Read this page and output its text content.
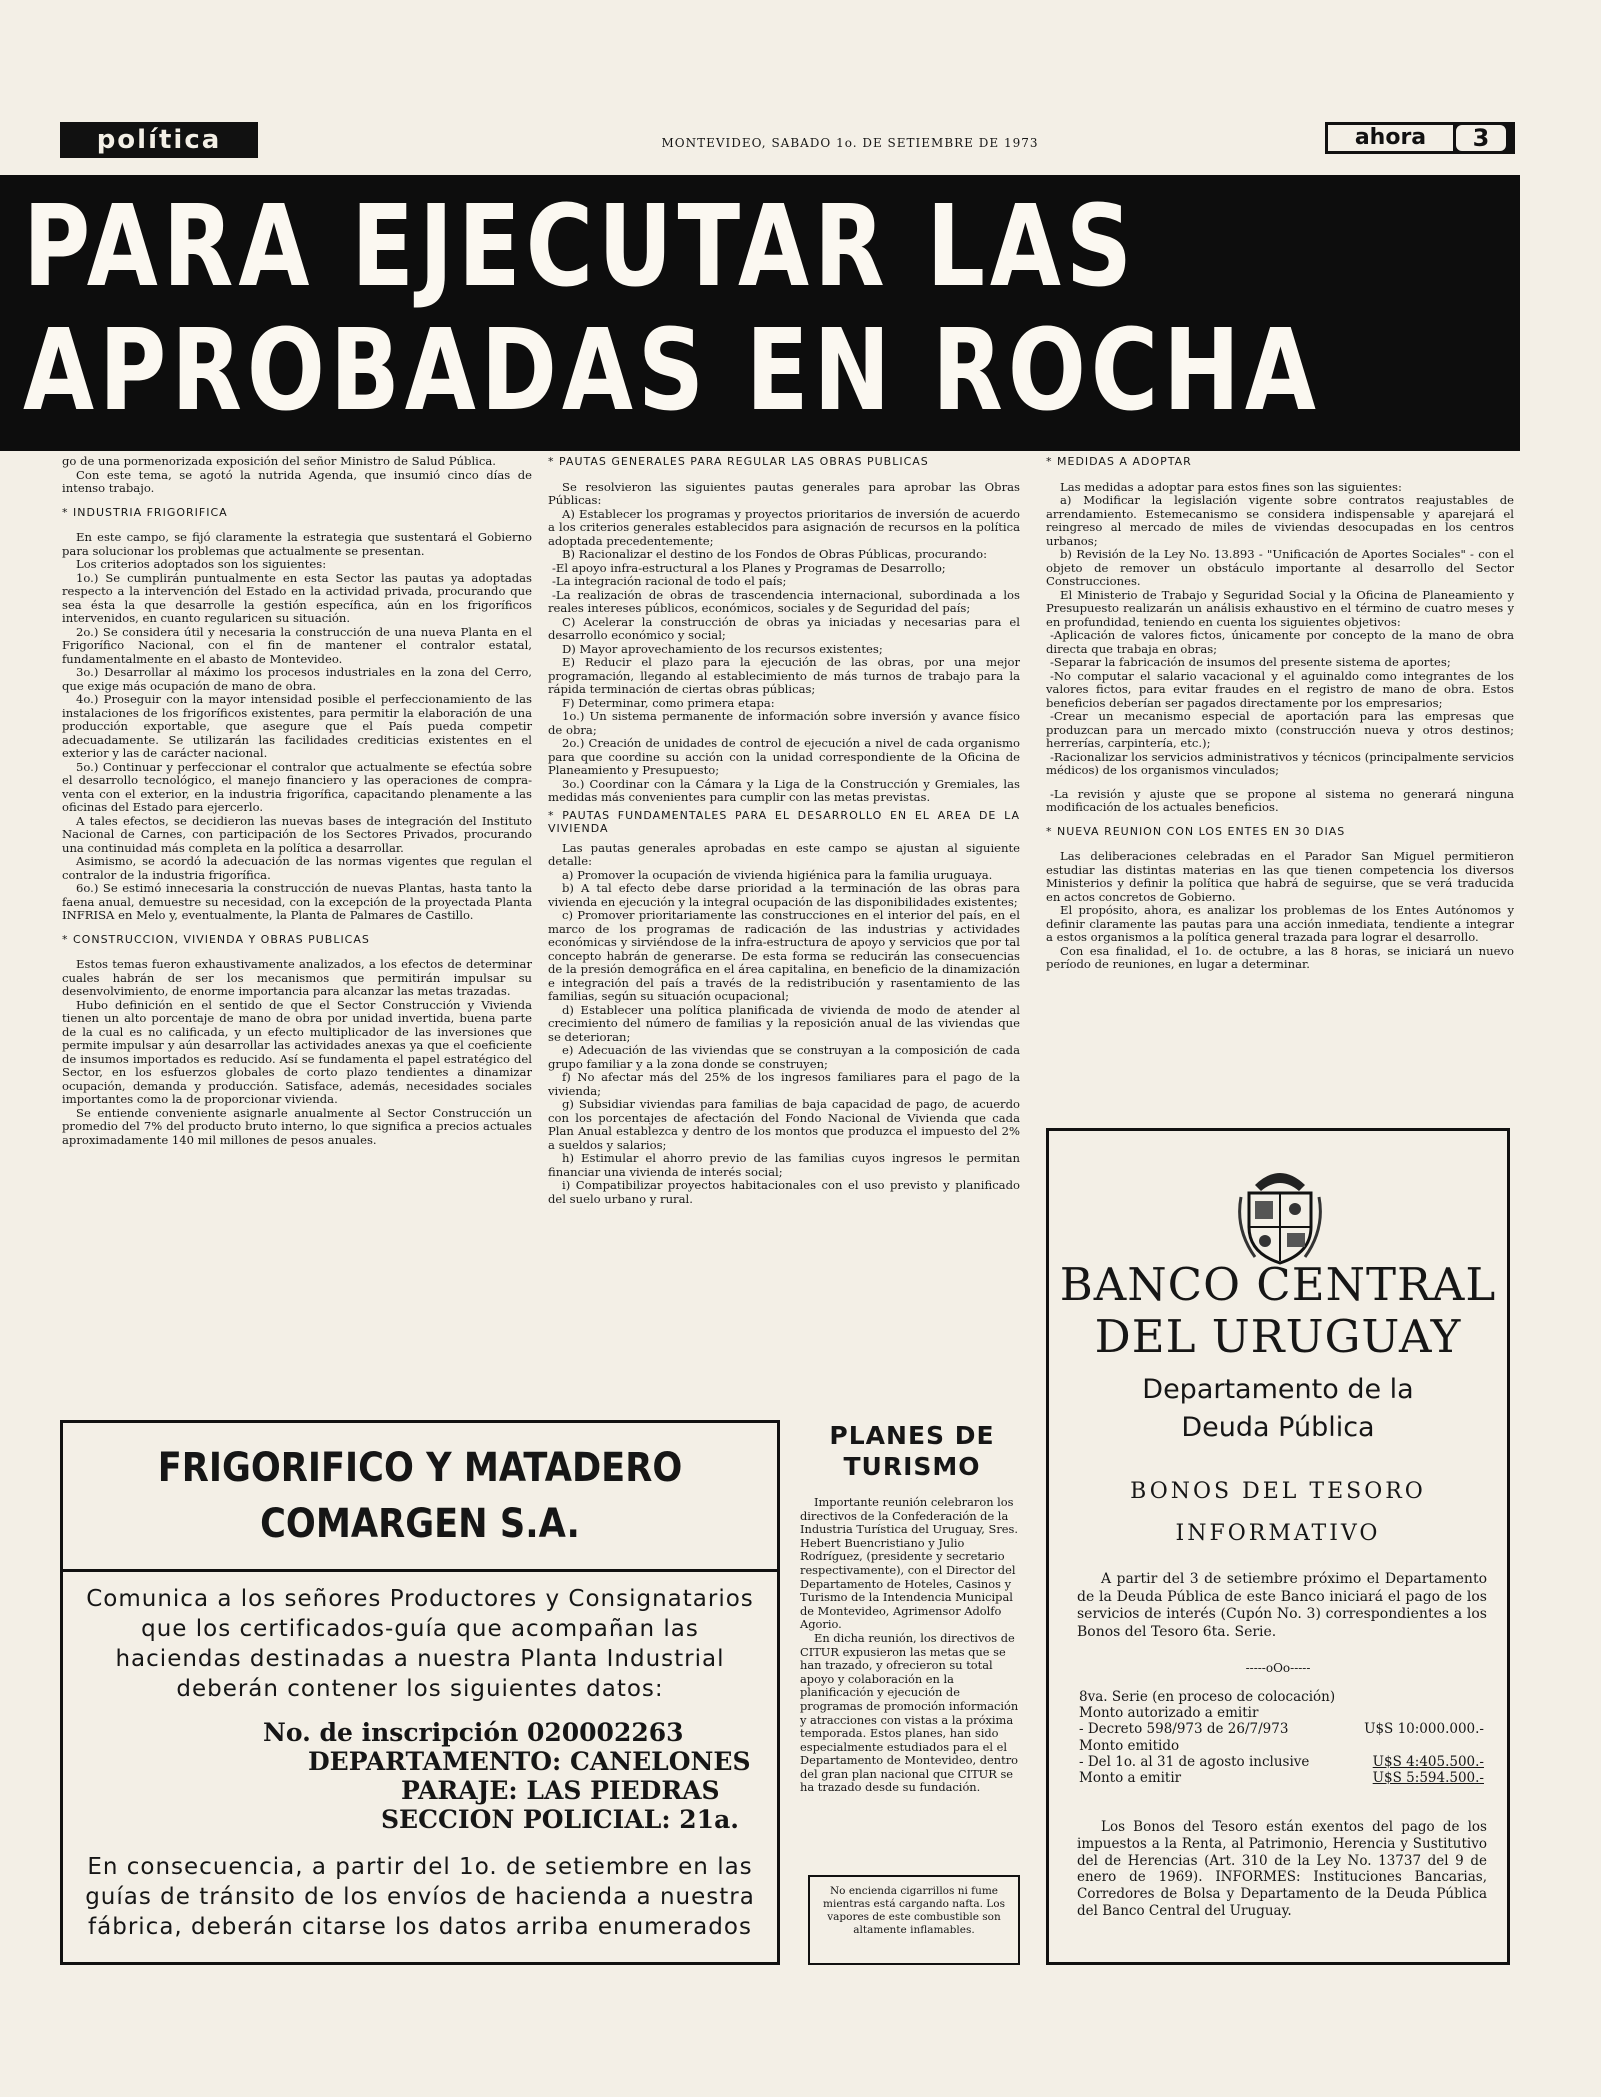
política	MONTEVIDEO, SABADO 1o. DE SETIEMBRE DE 1973	ahora	3
PARA EJECUTAR LAS
APROBADAS EN ROCHA

go de una pormenorizada exposición del señor Ministro de Salud Pública.

Con este tema, se agotó la nutrida Agenda, que insumió cinco días de intenso trabajo.

* INDUSTRIA FRIGORIFICA

En este campo, se fijó claramente la estrategia que sustentará el Gobierno para solucionar los problemas que actualmente se presentan.

Los criterios adoptados son los siguientes:

1o.) Se cumplirán puntualmente en esta Sector las pautas ya adoptadas respecto a la intervención del Estado en la actividad privada, procurando que sea ésta la que desarrolle la gestión específica, aún en los frigoríficos intervenidos, en cuanto regularicen su situación.

2o.) Se considera útil y necesaria la construcción de una nueva Planta en el Frigorífico Nacional, con el fin de mantener el contralor estatal, fundamentalmente en el abasto de Montevideo.

3o.) Desarrollar al máximo los procesos industriales en la zona del Cerro, que exige más ocupación de mano de obra.

4o.) Proseguir con la mayor intensidad posible el perfeccionamiento de las instalaciones de los frigoríficos existentes, para permitir la elaboración de una producción exportable, que asegure que el País pueda competir adecuadamente. Se utilizarán las facilidades crediticias existentes en el exterior y las de carácter nacional.

5o.) Continuar y perfeccionar el contralor que actualmente se efectúa sobre el desarrollo tecnológico, el manejo financiero y las operaciones de compra-venta con el exterior, en la industria frigorífica, capacitando plenamente a las oficinas del Estado para ejercerlo.

A tales efectos, se decidieron las nuevas bases de integración del Instituto Nacional de Carnes, con participación de los Sectores Privados, procurando una continuidad más completa en la política a desarrollar.

Asimismo, se acordó la adecuación de las normas vigentes que regulan el contralor de la industria frigorífica.

6o.) Se estimó innecesaria la construcción de nuevas Plantas, hasta tanto la faena anual, demuestre su necesidad, con la excepción de la proyectada Planta INFRISA en Melo y, eventualmente, la Planta de Palmares de Castillo.

* CONSTRUCCION, VIVIENDA Y OBRAS PUBLICAS

Estos temas fueron exhaustivamente analizados, a los efectos de determinar cuales habrán de ser los mecanismos que permitirán impulsar su desenvolvimiento, de enorme importancia para alcanzar las metas trazadas.

Hubo definición en el sentido de que el Sector Construcción y Vivienda tienen un alto porcentaje de mano de obra por unidad invertida, buena parte de la cual es no calificada, y un efecto multiplicador de las inversiones que permite impulsar y aún desarrollar las actividades anexas ya que el coeficiente de insumos importados es reducido. Así se fundamenta el papel estratégico del Sector, en los esfuerzos globales de corto plazo tendientes a dinamizar ocupación, demanda y producción. Satisface, además, necesidades sociales importantes como la de proporcionar vivienda.

Se entiende conveniente asignarle anualmente al Sector Construcción un promedio del 7% del producto bruto interno, lo que significa a precios actuales aproximadamente 140 mil millones de pesos anuales.

* PAUTAS GENERALES PARA REGULAR LAS OBRAS PUBLICAS

Se resolvieron las siguientes pautas generales para aprobar las Obras Públicas:

A) Establecer los programas y proyectos prioritarios de inversión de acuerdo a los criterios generales establecidos para asignación de recursos en la política adoptada precedentemente;

B) Racionalizar el destino de los Fondos de Obras Públicas, procurando:

-El apoyo infra-estructural a los Planes y Programas de Desarrollo;

-La integración racional de todo el país;

-La realización de obras de trascendencia internacional, subordinada a los reales intereses públicos, económicos, sociales y de Seguridad del país;

C) Acelerar la construcción de obras ya iniciadas y necesarias para el desarrollo económico y social;

D) Mayor aprovechamiento de los recursos existentes;

E) Reducir el plazo para la ejecución de las obras, por una mejor programación, llegando al establecimiento de más turnos de trabajo para la rápida terminación de ciertas obras públicas;

F) Determinar, como primera etapa:

1o.) Un sistema permanente de información sobre inversión y avance físico de obra;

2o.) Creación de unidades de control de ejecución a nivel de cada organismo para que coordine su acción con la unidad correspondiente de la Oficina de Planeamiento y Presupuesto;

3o.) Coordinar con la Cámara y la Liga de la Construcción y Gremiales, las medidas más convenientes para cumplir con las metas previstas.

* PAUTAS FUNDAMENTALES PARA EL DESARROLLO EN EL AREA DE LA VIVIENDA

Las pautas generales aprobadas en este campo se ajustan al siguiente detalle:

a) Promover la ocupación de vivienda higiénica para la familia uruguaya.

b) A tal efecto debe darse prioridad a la terminación de las obras para vivienda en ejecución y la integral ocupación de las disponibilidades existentes;

c) Promover prioritariamente las construcciones en el interior del país, en el marco de los programas de radicación de las industrias y actividades económicas y sirviéndose de la infra-estructura de apoyo y servicios que por tal concepto habrán de generarse. De esta forma se reducirán las consecuencias de la presión demográfica en el área capitalina, en beneficio de la dinamización e integración del país a través de la redistribución y rasentamiento de las familias, según su situación ocupacional;

d) Establecer una política planificada de vivienda de modo de atender al crecimiento del número de familias y la reposición anual de las viviendas que se deterioran;

e) Adecuación de las viviendas que se construyan a la composición de cada grupo familiar y a la zona donde se construyen;

f) No afectar más del 25% de los ingresos familiares para el pago de la vivienda;

g) Subsidiar viviendas para familias de baja capacidad de pago, de acuerdo con los porcentajes de afectación del Fondo Nacional de Vivienda que cada Plan Anual establezca y dentro de los montos que produzca el impuesto del 2% a sueldos y salarios;

h) Estimular el ahorro previo de las familias cuyos ingresos le permitan financiar una vivienda de interés social;

i) Compatibilizar proyectos habitacionales con el uso previsto y planificado del suelo urbano y rural.

* MEDIDAS A ADOPTAR

Las medidas a adoptar para estos fines son las siguientes:

a) Modificar la legislación vigente sobre contratos reajustables de arrendamiento. Estemecanismo se considera indispensable y aparejará el reingreso al mercado de miles de viviendas desocupadas en los centros urbanos;

b) Revisión de la Ley No. 13.893 - "Unificación de Aportes Sociales" - con el objeto de remover un obstáculo importante al desarrollo del Sector Construcciones.

El Ministerio de Trabajo y Seguridad Social y la Oficina de Planeamiento y Presupuesto realizarán un análisis exhaustivo en el término de cuatro meses y en profundidad, teniendo en cuenta los siguientes objetivos:

-Aplicación de valores fictos, únicamente por concepto de la mano de obra directa que trabaja en obras;

-Separar la fabricación de insumos del presente sistema de aportes;

-No computar el salario vacacional y el aguinaldo como integrantes de los valores fictos, para evitar fraudes en el registro de mano de obra. Estos beneficios deberían ser pagados directamente por los empresarios;

-Crear un mecanismo especial de aportación para las empresas que produzcan para un mercado mixto (construcción nueva y otros destinos; herrerías, carpintería, etc.);

-Racionalizar los servicios administrativos y técnicos (principalmente servicios médicos) de los organismos vinculados;

-La revisión y ajuste que se propone al sistema no generará ninguna modificación de los actuales beneficios.

* NUEVA REUNION CON LOS ENTES EN 30 DIAS

Las deliberaciones celebradas en el Parador San Miguel permitieron estudiar las distintas materias en las que tienen competencia los diversos Ministerios y definir la política que habrá de seguirse, que se verá traducida en actos concretos de Gobierno.

El propósito, ahora, es analizar los problemas de los Entes Autónomos y definir claramente las pautas para una acción inmediata, tendiente a integrar a estos organismos a la política general trazada para lograr el desarrollo.

Con esa finalidad, el 1o. de octubre, a las 8 horas, se iniciará un nuevo período de reuniones, en lugar a determinar.

FRIGORIFICO Y MATADERO
COMARGEN S.A.
Comunica a los señores Productores y Consignatarios que los certificados-guía que acompañan las haciendas destinadas a nuestra Planta Industrial deberán contener los siguientes datos:
No. de inscripción 020002263
DEPARTAMENTO: CANELONES
PARAJE: LAS PIEDRAS
SECCION POLICIAL: 21a.
En consecuencia, a partir del 1o. de setiembre en las guías de tránsito de los envíos de hacienda a nuestra fábrica, deberán citarse los datos arriba enumerados
PLANES DE
TURISMO

Importante reunión celebraron los directivos de la Confederación de la Industria Turística del Uruguay, Sres. Hebert Buencristiano y Julio Rodríguez, (presidente y secretario respectivamente), con el Director del Departamento de Hoteles, Casinos y Turismo de la Intendencia Municipal de Montevideo, Agrimensor Adolfo Agorio.

En dicha reunión, los directivos de CITUR expusieron las metas que se han trazado, y ofrecieron su total apoyo y colaboración en la planificación y ejecución de programas de promoción información y atracciones con vistas a la próxima temporada. Estos planes, han sido especialmente estudiados para el el Departamento de Montevideo, dentro del gran plan nacional que CITUR se ha trazado desde su fundación.

No encienda cigarrillos ni fume mientras está cargando nafta. Los vapores de este combustible son altamente inflamables.
BANCO CENTRAL
DEL URUGUAY
Departamento de la
Deuda Pública
BONOS DEL TESORO
INFORMATIVO
A partir del 3 de setiembre próximo el Departamento de la Deuda Pública de este Banco iniciará el pago de los servicios de interés (Cupón No. 3) correspondientes a los Bonos del Tesoro 6ta. Serie.
-----oOo-----
8va. Serie (en proceso de colocación)
Monto autorizado a emitir
- Decreto 598/973 de 26/7/973	U$S 10:000.000.-
Monto emitido
- Del 1o. al 31 de agosto inclusive	U$S 4:405.500.-
Monto a emitir	U$S 5:594.500.-
Los Bonos del Tesoro están exentos del pago de los impuestos a la Renta, al Patrimonio, Herencia y Sustitutivo del de Herencias (Art. 310 de la Ley No. 13737 del 9 de enero de 1969). INFORMES: Instituciones Bancarias, Corredores de Bolsa y Departamento de la Deuda Pública del Banco Central del Uruguay.
